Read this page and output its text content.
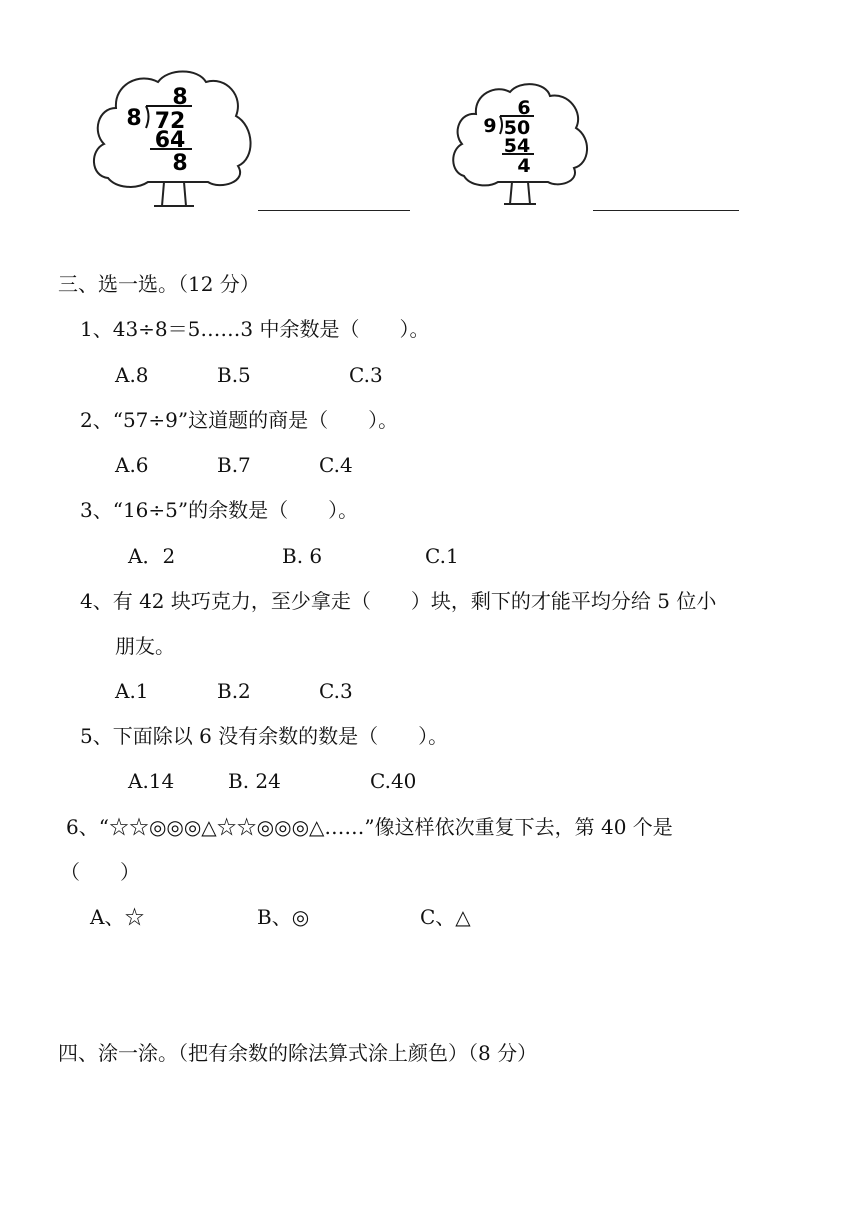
8
8 72
64
8
6
9 50
54
4
三、选一选。（12 分）
1、43÷8＝5……3 中余数是（　　）。
A.8	B.5	C.3
2、“57÷9”这道题的商是（　　）。
A.6	B.7	C.4
3、“16÷5”的余数是（　　）。
A．2	B. 6	C.1
4、有 42 块巧克力，至少拿走（　　）块，剩下的才能平均分给 5 位小
朋友。
A.1	B.2	C.3
5、下面除以 6 没有余数的数是（　　）。
A.14	B. 24	C.40
6、“☆☆◎◎◎△☆☆◎◎◎△……”像这样依次重复下去，第 40 个是
（　　）
A、☆	B、◎	C、△
四、涂一涂。（把有余数的除法算式涂上颜色）（8 分）
